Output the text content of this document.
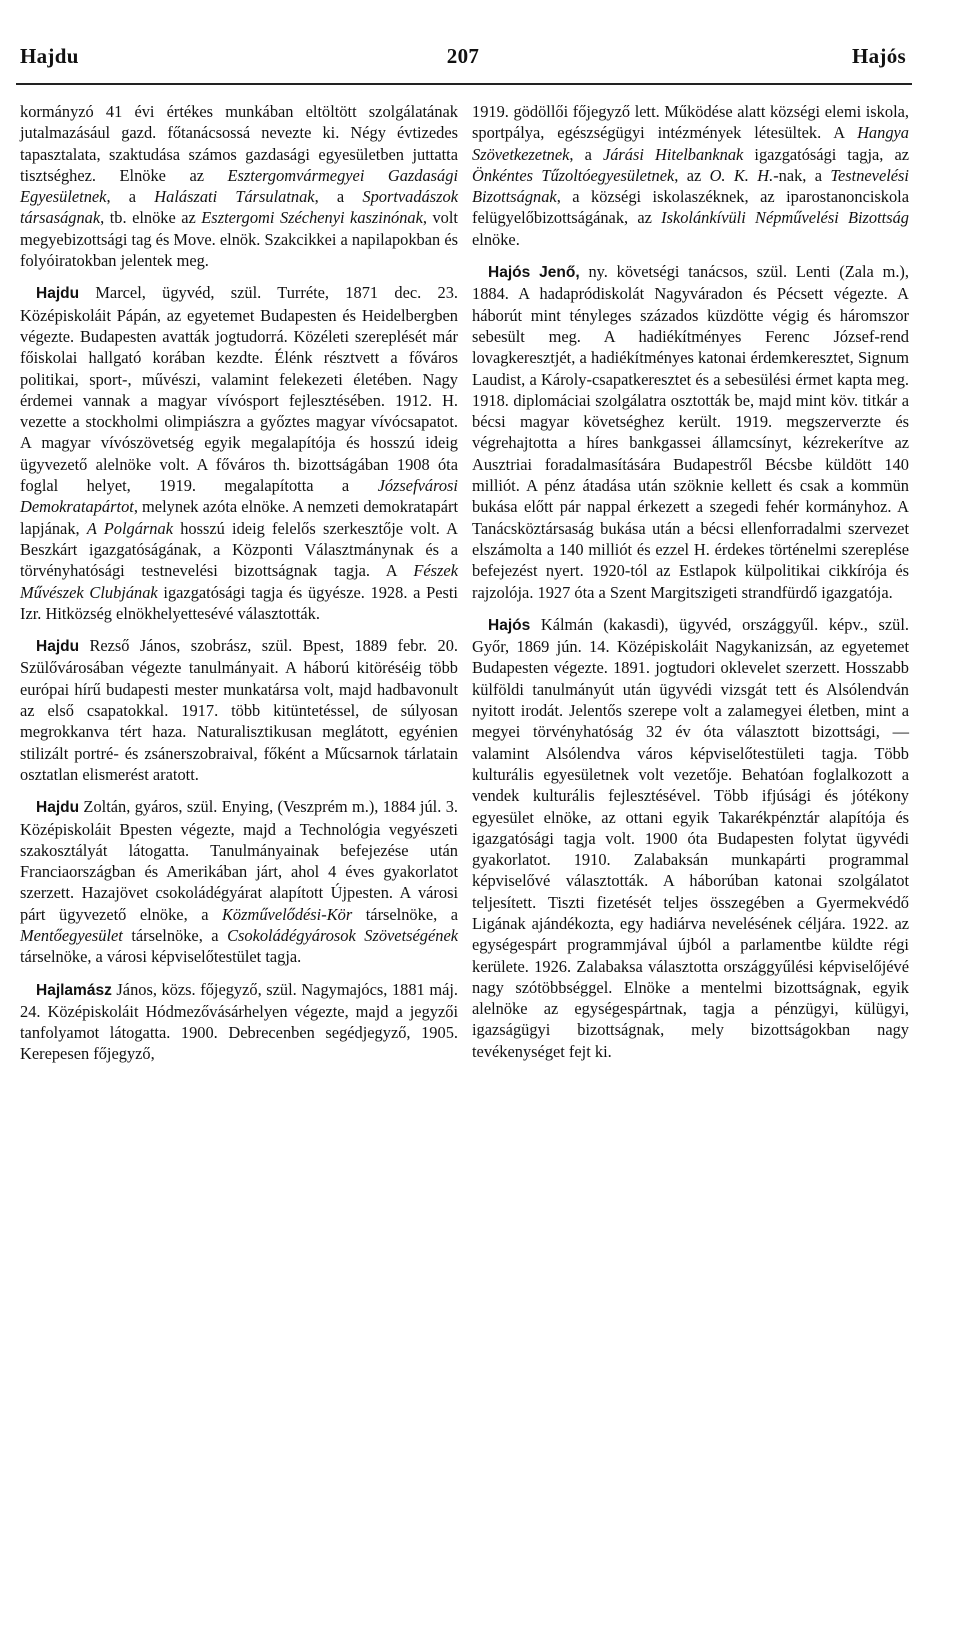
Hajdu	207	Hajós

kormányzó 41 évi értékes munkában eltöltött szolgálatának jutalmazásául gazd. főtanácsossá nevezte ki. Négy évtizedes tapasztalata, szaktudása számos gazdasági egyesületben juttatta tisztséghez. Elnöke az Esztergomvármegyei Gazdasági Egyesületnek, a Halászati Társulatnak, a Sportvadászok társaságnak, tb. elnöke az Esztergomi Széchenyi kaszinónak, volt megyebizottsági tag és Move. elnök. Szakcikkei a napilapokban és folyóiratokban jelentek meg.

Hajdu Marcel, ügyvéd, szül. Turréte, 1871 dec. 23. Középiskoláit Pápán, az egyetemet Budapesten és Heidelbergben végezte. Budapesten avatták jogtudorrá. Közéleti szereplését már főiskolai hallgató korában kezdte. Élénk résztvett a főváros politikai, sport-, művészi, valamint felekezeti életében. Nagy érdemei vannak a magyar vívósport fejlesztésében. 1912. H. vezette a stockholmi olimpiászra a győztes magyar vívócsapatot. A magyar vívószövetség egyik megalapítója és hosszú ideig ügyvezető alelnöke volt. A főváros th. bizottságában 1908 óta foglal helyet, 1919. megalapította a Józsefvárosi Demokratapártot, melynek azóta elnöke. A nemzeti demokratapárt lapjának, A Polgárnak hosszú ideig felelős szerkesztője volt. A Beszkárt igazgatóságának, a Központi Választmánynak és a törvényhatósági testnevelési bizottságnak tagja. A Fészek Művészek Clubjának igazgatósági tagja és ügyésze. 1928. a Pesti Izr. Hitközség elnökhelyettesévé választották.

Hajdu Rezső János, szobrász, szül. Bpest, 1889 febr. 20. Szülővárosában végezte tanulmányait. A háború kitöréséig több európai hírű budapesti mester munkatársa volt, majd hadbavonult az első csapatokkal. 1917. több kitüntetéssel, de súlyosan megrokkanva tért haza. Naturalisztikusan meglátott, egyénien stilizált portré- és zsánerszobraival, főként a Műcsarnok tárlatain osztatlan elismerést aratott.

Hajdu Zoltán, gyáros, szül. Enying, (Veszprém m.), 1884 júl. 3. Középiskoláit Bpesten végezte, majd a Technológia vegyészeti szakosztályát látogatta. Tanulmányainak befejezése után Franciaországban és Amerikában járt, ahol 4 éves gyakorlatot szerzett. Hazajövet csokoládégyárat alapított Újpesten. A városi párt ügyvezető elnöke, a Közművelődési-Kör társelnöke, a Mentőegyesület társelnöke, a Csokoládégyárosok Szövetségének társelnöke, a városi képviselőtestület tagja.

Hajlamász János, közs. főjegyző, szül. Nagymajócs, 1881 máj. 24. Középiskoláit Hódmezővásárhelyen végezte, majd a jegyzői tanfolyamot látogatta. 1900. Debrecenben segédjegyző, 1905. Kerepesen főjegyző,

1919. gödöllői főjegyző lett. Működése alatt községi elemi iskola, sportpálya, egészségügyi intézmények létesültek. A Hangya Szövetkezetnek, a Járási Hitelbanknak igazgatósági tagja, az Önkéntes Tűzoltóegyesületnek, az O. K. H.-nak, a Testnevelési Bizottságnak, a községi iskolaszéknek, az iparostanonciskola felügyelőbizottságának, az Iskolánkívüli Népművelési Bizottság elnöke.

Hajós Jenő, ny. követségi tanácsos, szül. Lenti (Zala m.), 1884. A hadapródiskolát Nagyváradon és Pécsett végezte. A háborút mint tényleges százados küzdötte végig és háromszor sebesült meg. A hadiékítményes Ferenc József-rend lovagkeresztjét, a hadiékítményes katonai érdemkeresztet, Signum Laudist, a Károly-csapatkeresztet és a sebesülési érmet kapta meg. 1918. diplomáciai szolgálatra osztották be, majd mint köv. titkár a bécsi magyar követséghez került. 1919. megszerverzte és végrehajtotta a híres bankgassei államcsínyt, kézrekerítve az Ausztriai foradalmasítására Budapestről Bécsbe küldött 140 milliót. A pénz átadása után szöknie kellett és csak a kommün bukása előtt pár nappal érkezett a szegedi fehér kormányhoz. A Tanácsköztársaság bukása után a bécsi ellenforradalmi szervezet elszámolta a 140 milliót és ezzel H. érdekes történelmi szereplése befejezést nyert. 1920-tól az Estlapok külpolitikai cikkírója és rajzolója. 1927 óta a Szent Margitszigeti strandfürdő igazgatója.

Hajós Kálmán (kakasdi), ügyvéd, országgyűl. képv., szül. Győr, 1869 jún. 14. Középiskoláit Nagykanizsán, az egyetemet Budapesten végezte. 1891. jogtudori oklevelet szerzett. Hosszabb külföldi tanulmányút után ügyvédi vizsgát tett és Alsólendván nyitott irodát. Jelentős szerepe volt a zalamegyei életben, mint a megyei törvényhatóság 32 év óta választott bizottsági, — valamint Alsólendva város képviselőtestületi tagja. Több kulturális egyesületnek volt vezetője. Behatóan foglalkozott a vendek kulturális fejlesztésével. Több ifjúsági és jótékony egyesület elnöke, az ottani egyik Takarékpénztár alapítója és igazgatósági tagja volt. 1900 óta Budapesten folytat ügyvédi gyakorlatot. 1910. Zalabaksán munkapárti programmal képviselővé választották. A háborúban katonai szolgálatot teljesített. Tiszti fizetését teljes összegében a Gyermekvédő Ligának ajándékozta, egy hadiárva nevelésének céljára. 1922. az egységespárt programmjával újból a parlamentbe küldte régi kerülete. 1926. Zalabaksa választotta országgyűlési képviselőjévé nagy szótöbbséggel. Elnöke a mentelmi bizottságnak, egyik alelnöke az egységespártnak, tagja a pénzügyi, külügyi, igazságügyi bizottságnak, mely bizottságokban nagy tevékenységet fejt ki.
